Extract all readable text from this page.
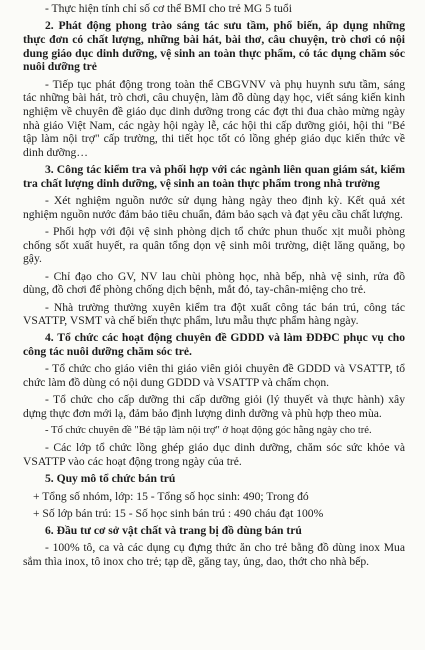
- Thực hiện tính chỉ số cơ thể BMI cho trẻ MG 5 tuổi

2. Phát động phong trào sáng tác sưu tầm, phổ biến, áp dụng những thực đơn có chất lượng, những bài hát, bài thơ, câu chuyện, trò chơi có nội dung giáo dục dinh dưỡng, vệ sinh an toàn thực phẩm, có tác dụng chăm sóc nuôi dưỡng trẻ

- Tiếp tục phát động trong toàn thể CBGVNV và phụ huynh sưu tầm, sáng tác những bài hát, trò chơi, câu chuyện, làm đồ dùng dạy học, viết sáng kiến kinh nghiệm về chuyên đề giáo dục dinh dưỡng trong các đợt thi đua chào mừng ngày nhà giáo Việt Nam, các ngày hội ngày lễ, các hội thi cấp dưỡng giỏi, hội thi "Bé tập làm nội trợ" cấp trường, thi tiết học tốt có lồng ghép giáo dục kiến thức về dinh dưỡng…

3. Công tác kiểm tra và phối hợp với các ngành liên quan giám sát, kiểm tra chất lượng dinh dưỡng, vệ sinh an toàn thực phẩm trong nhà trường

- Xét nghiệm nguồn nước sử dụng hàng ngày theo định kỳ. Kết quả xét nghiệm nguồn nước đảm bảo tiêu chuẩn, đảm bảo sạch và đạt yêu cầu chất lượng.

- Phối hợp với đội vệ sinh phòng dịch tổ chức phun thuốc xịt muỗi phòng chống sốt xuất huyết, ra quân tổng dọn vệ sinh môi trường, diệt lăng quăng, bọ gậy.

- Chỉ đạo cho GV, NV lau chùi phòng học, nhà bếp, nhà vệ sinh, rửa đồ dùng, đồ chơi để phòng chống dịch bệnh, mắt đỏ, tay-chân-miệng cho trẻ.

- Nhà trường thường xuyên kiểm tra đột xuất công tác bán trú, công tác VSATTP, VSMT và chế biến thực phẩm, lưu mẫu thực phẩm hàng ngày.

4. Tổ chức các hoạt động chuyên đề GDDD và làm ĐDĐC phục vụ cho công tác nuôi dưỡng chăm sóc trẻ.

- Tổ chức cho giáo viên thi giáo viên giỏi chuyên đề GDDD và VSATTP, tổ chức làm đồ dùng có nội dung GDDD và VSATTP và chấm chọn.

- Tổ chức cho cấp dưỡng thi cấp dưỡng giỏi (lý thuyết và thực hành) xây dựng thực đơn mới lạ, đảm bảo định lượng dinh dưỡng và phù hợp theo mùa.

- Tổ chức chuyên đề "Bé tập làm nội trợ" ở hoạt động góc hằng ngày cho trẻ.

- Các lớp tổ chức lồng ghép giáo dục dinh dưỡng, chăm sóc sức khỏe và VSATTP vào các hoạt động trong ngày của trẻ.

5. Quy mô tổ chức bán trú

+ Tổng số nhóm, lớp: 15 - Tổng số học sinh: 490; Trong đó

+ Số lớp bán trú: 15 - Số học sinh bán trú : 490 cháu đạt 100%

6. Đầu tư cơ sở vật chất và trang bị đồ dùng bán trú

- 100% tô, ca và các dụng cụ đựng thức ăn cho trẻ bằng đồ dùng inox Mua sắm thìa inox, tô inox cho trẻ; tạp dề, găng tay, ủng, dao, thớt cho nhà bếp.
